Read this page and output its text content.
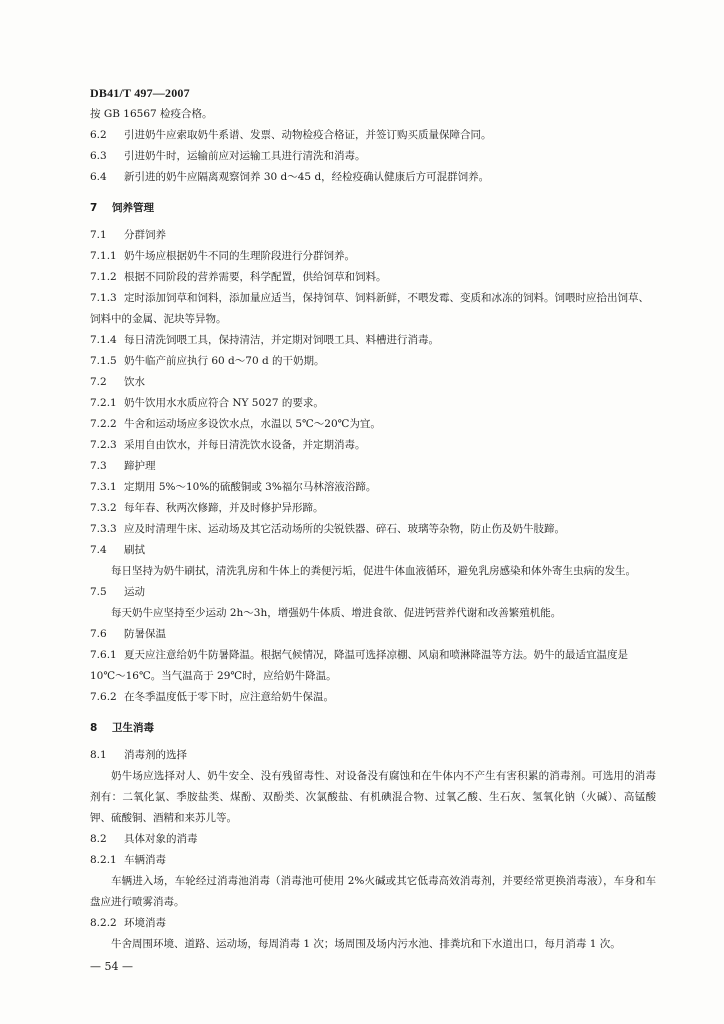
DB41/T 497—2007
按 GB 16567 检疫合格。
6.2	引进奶牛应索取奶牛系谱、发票、动物检疫合格证，并签订购买质量保障合同。
6.3	引进奶牛时，运输前应对运输工具进行清洗和消毒。
6.4	新引进的奶牛应隔离观察饲养 30 d～45 d，经检疫确认健康后方可混群饲养。
7	饲养管理
7.1	分群饲养
7.1.1 奶牛场应根据奶牛不同的生理阶段进行分群饲养。
7.1.2 根据不同阶段的营养需要，科学配置，供给饲草和饲料。
7.1.3 定时添加饲草和饲料，添加量应适当，保持饲草、饲料新鲜，不喂发霉、变质和冰冻的饲料。饲喂时应拾出饲草、饲料中的金属、泥块等异物。
7.1.4 每日清洗饲喂工具，保持清洁，并定期对饲喂工具、料槽进行消毒。
7.1.5 奶牛临产前应执行 60 d～70 d 的干奶期。
7.2	饮水
7.2.1 奶牛饮用水水质应符合 NY 5027 的要求。
7.2.2 牛舍和运动场应多设饮水点，水温以 5℃～20℃为宜。
7.2.3 采用自由饮水，并每日清洗饮水设备，并定期消毒。
7.3	蹄护理
7.3.1 定期用 5%～10%的硫酸铜或 3%福尔马林溶液浴蹄。
7.3.2 每年春、秋两次修蹄，并及时修护异形蹄。
7.3.3 应及时清理牛床、运动场及其它活动场所的尖锐铁器、碎石、玻璃等杂物，防止伤及奶牛肢蹄。
7.4	刷拭
每日坚持为奶牛刷拭，清洗乳房和牛体上的粪便污垢，促进牛体血液循环，避免乳房感染和体外寄生虫病的发生。
7.5	运动
每天奶牛应坚持至少运动 2h～3h，增强奶牛体质、增进食欲、促进钙营养代谢和改善繁殖机能。
7.6	防暑保温
7.6.1 夏天应注意给奶牛防暑降温。根据气候情况，降温可选择凉棚、风扇和喷淋降温等方法。奶牛的最适宜温度是 10℃～16℃。当气温高于 29℃时，应给奶牛降温。
7.6.2 在冬季温度低于零下时，应注意给奶牛保温。
8	卫生消毒
8.1	消毒剂的选择
奶牛场应选择对人、奶牛安全、没有残留毒性、对设备没有腐蚀和在牛体内不产生有害积累的消毒剂。可选用的消毒剂有：二氧化氯、季胺盐类、煤酚、双酚类、次氯酸盐、有机碘混合物、过氧乙酸、生石灰、氢氧化钠（火碱）、高锰酸钾、硫酸铜、酒精和来苏儿等。
8.2	具体对象的消毒
8.2.1 车辆消毒
车辆进入场，车轮经过消毒池消毒（消毒池可使用 2%火碱或其它低毒高效消毒剂，并要经常更换消毒液），车身和车盘应进行喷雾消毒。
8.2.2 环境消毒
牛舍周围环境、道路、运动场，每周消毒 1 次；场周围及场内污水池、排粪坑和下水道出口，每月消毒 1 次。
— 54 —
